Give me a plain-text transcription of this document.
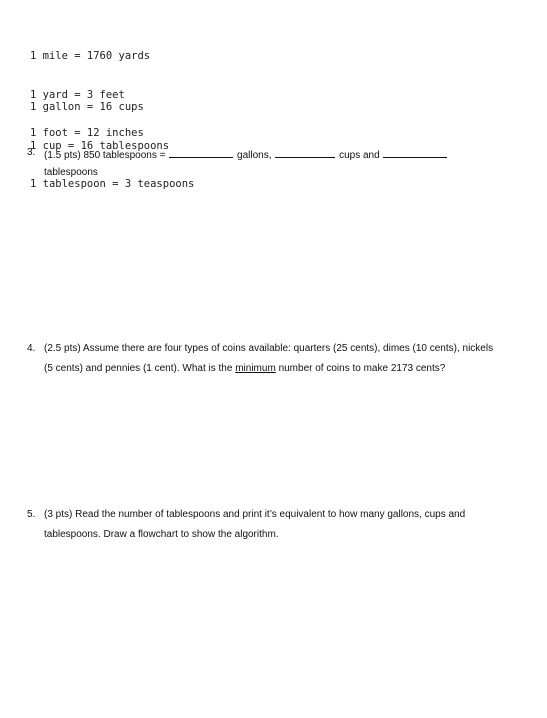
1 mile = 1760 yards

1 yard = 3 feet

1 foot = 12 inches

1 gallon = 16 cups

1 cup = 16 tablespoons

1 tablespoon = 3 teaspoons

3. (1.5 pts) 850 tablespoons =	gallons,	cups and
tablespoons
4. (2.5 pts) Assume there are four types of coins available: quarters (25 cents), dimes (10 cents), nickels
(5 cents) and pennies (1 cent). What is the minimum number of coins to make 2173 cents?
5. (3 pts) Read the number of tablespoons and print it’s equivalent to how many gallons, cups and
tablespoons. Draw a flowchart to show the algorithm.
